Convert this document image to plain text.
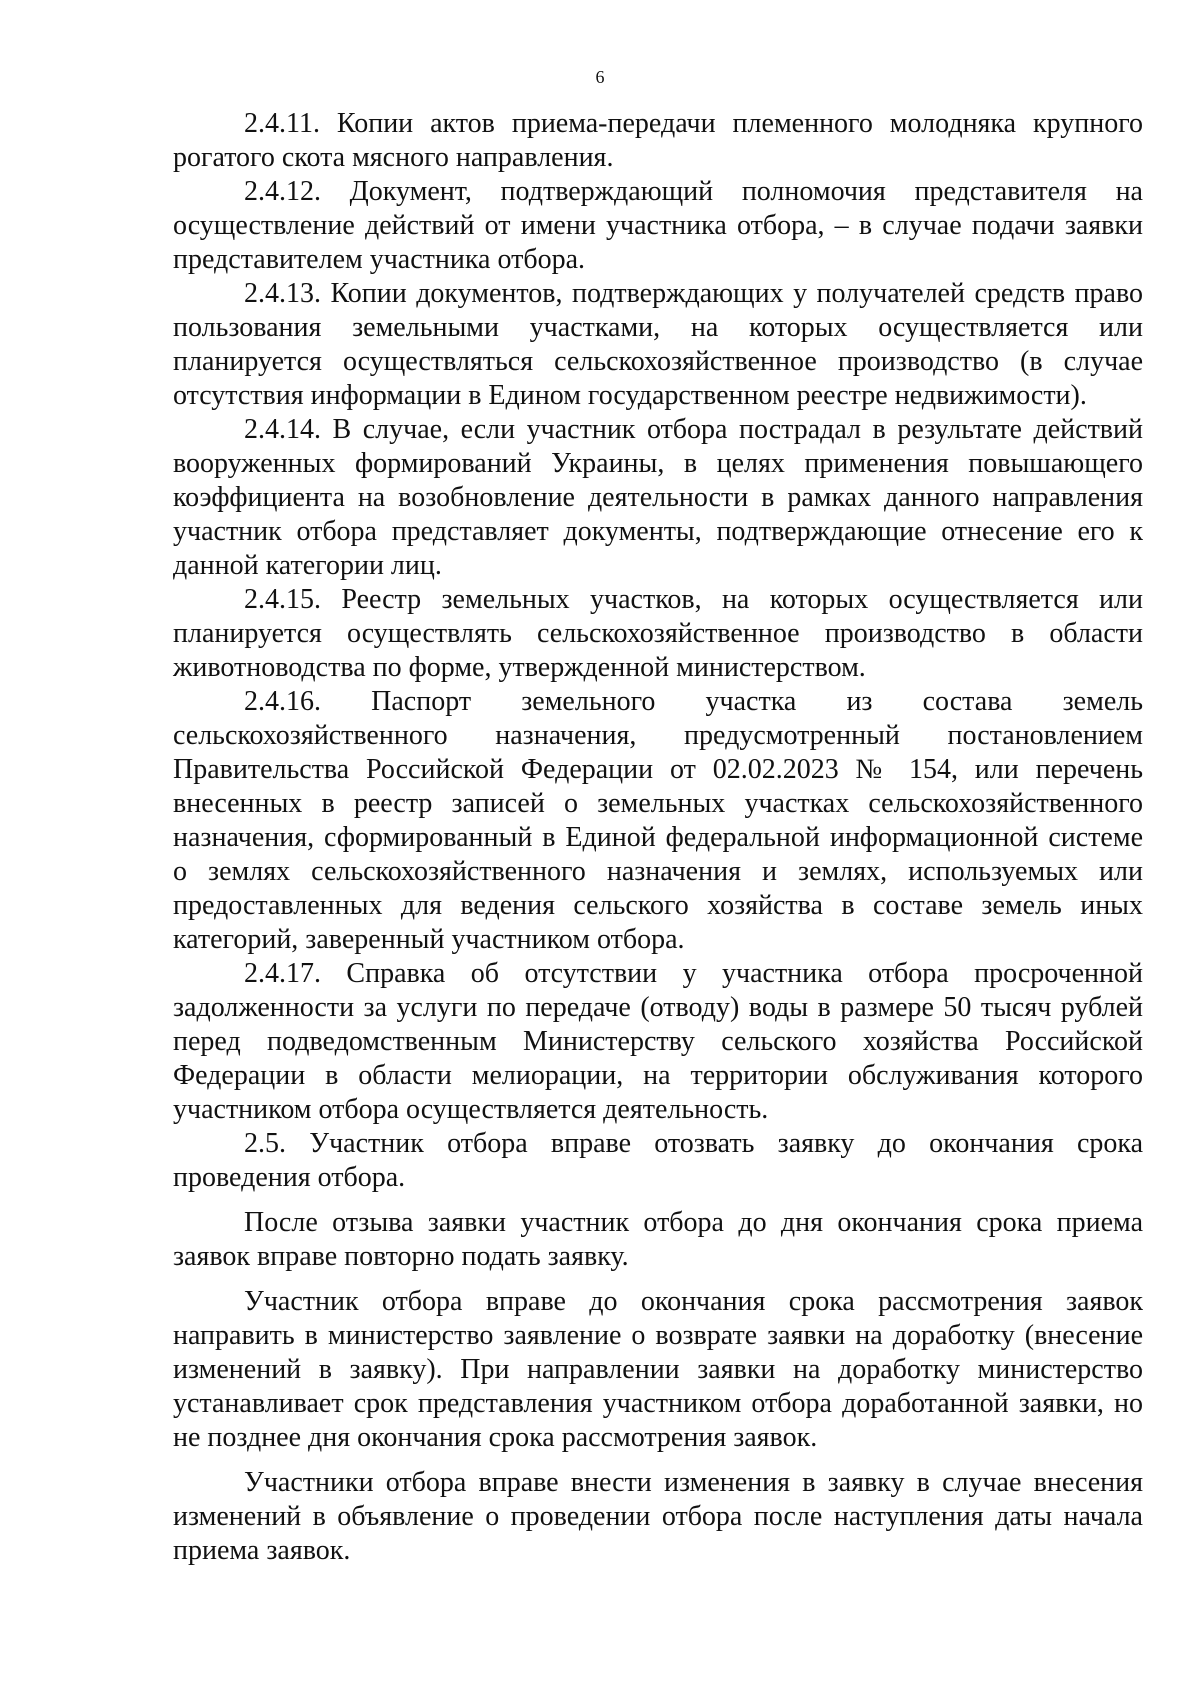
6

2.4.11. Копии актов приема-передачи племенного молодняка крупного рогатого скота мясного направления.

2.4.12. Документ, подтверждающий полномочия представителя на осуществление действий от имени участника отбора, – в случае подачи заявки представителем участника отбора.

2.4.13. Копии документов, подтверждающих у получателей средств право пользования земельными участками, на которых осуществляется или планируется осуществляться сельскохозяйственное производство (в случае отсутствия информации в Едином государственном реестре недвижимости).

2.4.14. В случае, если участник отбора пострадал в результате действий вооруженных формирований Украины, в целях применения повышающего коэффициента на возобновление деятельности в рамках данного направления участник отбора представляет документы, подтверждающие отнесение его к данной категории лиц.

2.4.15. Реестр земельных участков, на которых осуществляется или планируется осуществлять сельскохозяйственное производство в области животноводства по форме, утвержденной министерством.

2.4.16. Паспорт земельного участка из состава земель сельскохозяйственного назначения, предусмотренный постановлением Правительства Российской Федерации от 02.02.2023 № 154, или перечень внесенных в реестр записей о земельных участках сельскохозяйственного назначения, сформированный в Единой федеральной информационной системе о землях сельскохозяйственного назначения и землях, используемых или предоставленных для ведения сельского хозяйства в составе земель иных категорий, заверенный участником отбора.

2.4.17. Справка об отсутствии у участника отбора просроченной задолженности за услуги по передаче (отводу) воды в размере 50 тысяч рублей перед подведомственным Министерству сельского хозяйства Российской Федерации в области мелиорации, на территории обслуживания которого участником отбора осуществляется деятельность.

2.5. Участник отбора вправе отозвать заявку до окончания срока проведения отбора.

После отзыва заявки участник отбора до дня окончания срока приема заявок вправе повторно подать заявку.

Участник отбора вправе до окончания срока рассмотрения заявок направить в министерство заявление о возврате заявки на доработку (внесение изменений в заявку). При направлении заявки на доработку министерство устанавливает срок представления участником отбора доработанной заявки, но не позднее дня окончания срока рассмотрения заявок.

Участники отбора вправе внести изменения в заявку в случае внесения изменений в объявление о проведении отбора после наступления даты начала приема заявок.
